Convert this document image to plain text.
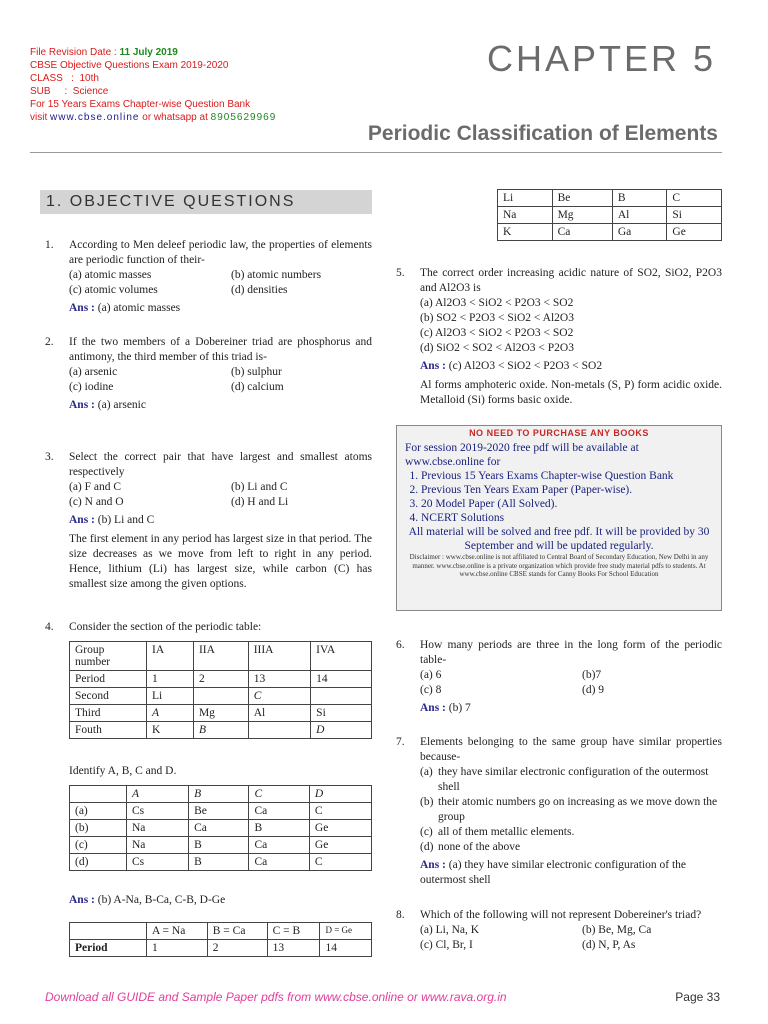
File Revision Date : 11 July 2019
CBSE Objective Questions Exam 2019-2020
CLASS   :  10th
SUB     :  Science
For 15 Years Exams Chapter-wise Question Bank
visit www.cbse.online or whatsapp at 8905629969
CHAPTER 5
Periodic Classification of Elements
1. OBJECTIVE QUESTIONS
1. According to Men deleef periodic law, the properties of elements are periodic function of their-
(a) atomic masses	(b) atomic numbers
(c) atomic volumes	(d) densities
Ans : (a) atomic masses
2. If the two members of a Dobereiner triad are phosphorus and antimony, the third member of this triad is-
(a) arsenic	(b) sulphur
(c) iodine	(d) calcium
Ans : (a) arsenic
3. Select the correct pair that have largest and smallest atoms respectively
(a) F and C	(b) Li and C
(c) N and O	(d) H and Li
Ans : (b) Li and C
The first element in any period has largest size in that period. The size decreases as we move from left to right in any period. Hence, lithium (Li) has largest size, while carbon (C) has smallest size among the given options.
4. Consider the section of the periodic table:
Group number	IA	IIA	IIIA	IVA
Period	1	2	13	14
Second	Li		C	
Third	A	Mg	Al	Si
Fouth	K	B		D
Identify A, B, C and D.
	A	B	C	D
(a)	Cs	Be	Ca	C
(b)	Na	Ca	B	Ge
(c)	Na	B	Ca	Ge
(d)	Cs	B	Ca	C
Ans : (b) A-Na, B-Ca, C-B, D-Ge
	A = Na	B = Ca	C = B	D = Ge
Period	1	2	13	14
Li	Be	B	C
Na	Mg	Al	Si
K	Ca	Ga	Ge
5. The correct order increasing acidic nature of SO2, SiO2, P2O3 and Al2O3 is
(a) Al2O3 < SiO2 < P2O3 < SO2
(b) SO2 < P2O3 < SiO2 < Al2O3
(c) Al2O3 < SiO2 < P2O3 < SO2
(d) SiO2 < SO2 < Al2O3 < P2O3
Ans : (c) Al2O3 < SiO2 < P2O3 < SO2
Al forms amphoteric oxide. Non-metals (S, P) form acidic oxide. Metalloid (Si) forms basic oxide.
NO NEED TO PURCHASE ANY BOOKS
For session 2019-2020 free pdf will be available at www.cbse.online for
1. Previous 15 Years Exams Chapter-wise Question Bank
2. Previous Ten Years Exam Paper (Paper-wise).
3. 20 Model Paper (All Solved).
4. NCERT Solutions
All material will be solved and free pdf. It will be provided by 30 September and will be updated regularly.
Disclaimer : www.cbse.online is not affiliated to Central Board of Secondary Education, New Delhi in any manner. www.cbse.online is a private organization which provide free study material pdfs to students. At www.cbse.online CBSE stands for Canny Books For School Education
6. How many periods are three in the long form of the periodic table-
(a) 6	(b)7
(c) 8	(d) 9
Ans : (b) 7
7. Elements belonging to the same group have similar properties because-
(a) they have similar electronic configuration of the outermost shell
(b) their atomic numbers go on increasing as we move down the group
(c) all of them metallic elements.
(d) none of the above
Ans : (a) they have similar electronic configuration of the outermost shell
8. Which of the following will not represent Dobereiner's triad?
(a) Li, Na, K	(b) Be, Mg, Ca
(c) Cl, Br, I	(d) N, P, As
Download all GUIDE and Sample Paper pdfs from www.cbse.online or www.rava.org.in	Page 33
